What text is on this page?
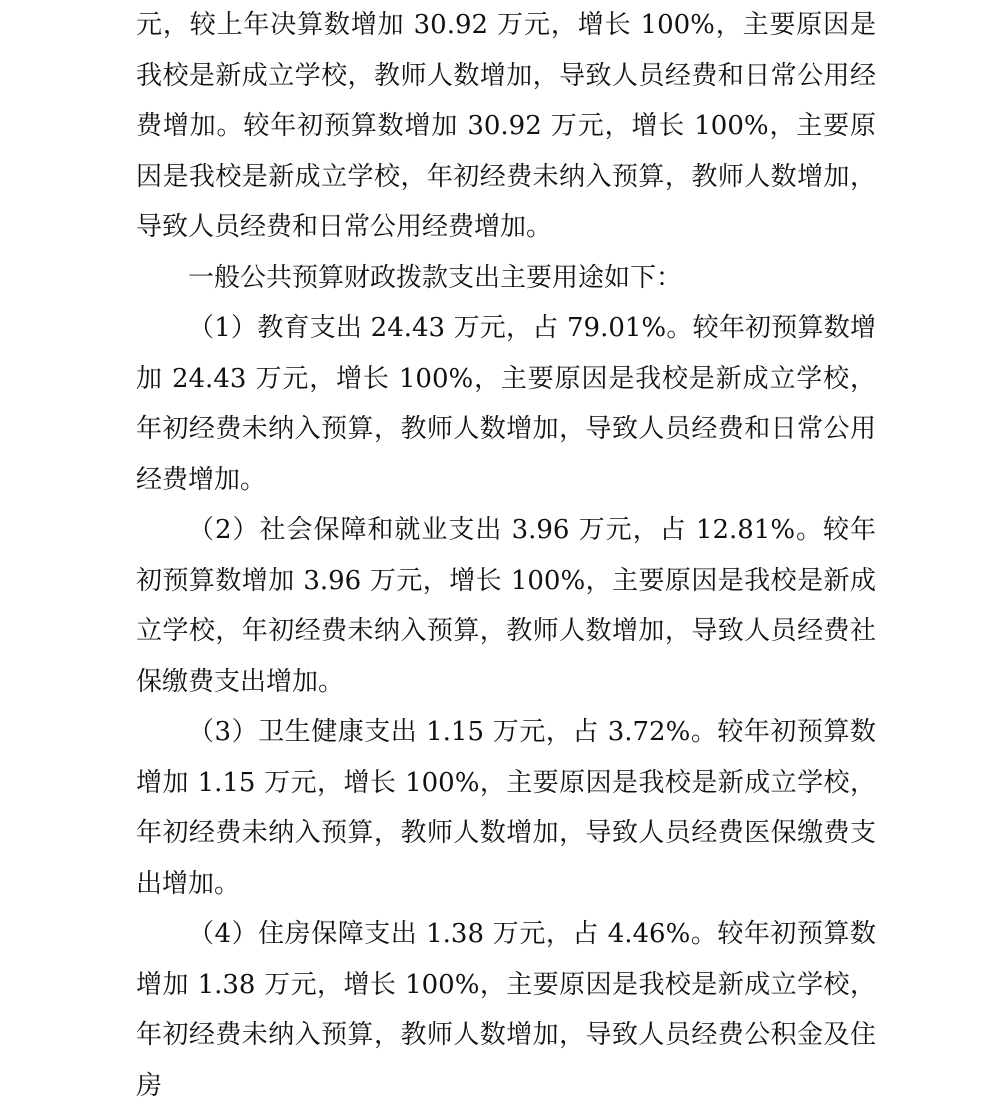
元，较上年决算数增加 30.92 万元，增长 100%，主要原因是我校是新成立学校，教师人数增加，导致人员经费和日常公用经费增加。较年初预算数增加 30.92 万元，增长 100%，主要原因是我校是新成立学校，年初经费未纳入预算，教师人数增加，导致人员经费和日常公用经费增加。

一般公共预算财政拨款支出主要用途如下：

（1）教育支出 24.43 万元，占 79.01%。较年初预算数增加 24.43 万元，增长 100%，主要原因是我校是新成立学校，年初经费未纳入预算，教师人数增加，导致人员经费和日常公用经费增加。

（2）社会保障和就业支出 3.96 万元，占 12.81%。较年初预算数增加 3.96 万元，增长 100%，主要原因是我校是新成立学校，年初经费未纳入预算，教师人数增加，导致人员经费社保缴费支出增加。

（3）卫生健康支出 1.15 万元，占 3.72%。较年初预算数增加 1.15 万元，增长 100%，主要原因是我校是新成立学校，年初经费未纳入预算，教师人数增加，导致人员经费医保缴费支出增加。

（4）住房保障支出 1.38 万元，占 4.46%。较年初预算数增加 1.38 万元，增长 100%，主要原因是我校是新成立学校，年初经费未纳入预算，教师人数增加，导致人员经费公积金及住房
